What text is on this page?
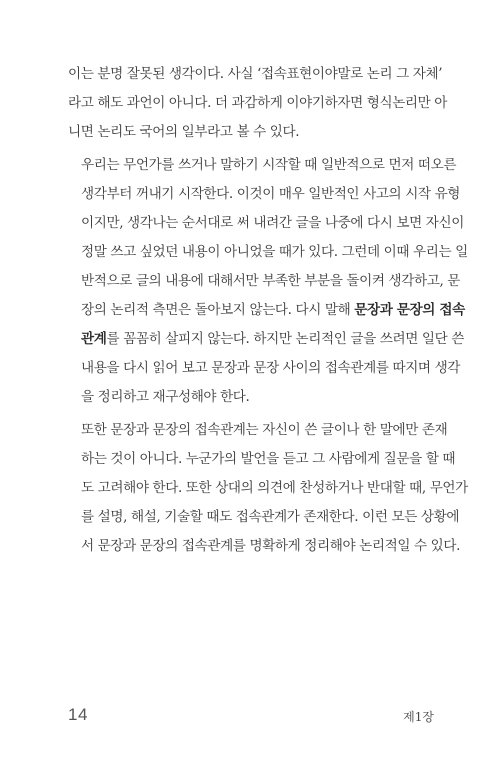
이는 분명 잘못된 생각이다. 사실 ‘접속표현이야말로 논리 그 자체’
라고 해도 과언이 아니다. 더 과감하게 이야기하자면 형식논리만 아
니면 논리도 국어의 일부라고 볼 수 있다.
우리는 무언가를 쓰거나 말하기 시작할 때 일반적으로 먼저 떠오른
생각부터 꺼내기 시작한다. 이것이 매우 일반적인 사고의 시작 유형
이지만, 생각나는 순서대로 써 내려간 글을 나중에 다시 보면 자신이
정말 쓰고 싶었던 내용이 아니었을 때가 있다. 그런데 이때 우리는 일
반적으로 글의 내용에 대해서만 부족한 부분을 돌이켜 생각하고, 문
장의 논리적 측면은 돌아보지 않는다. 다시 말해 문장과 문장의 접속
관계를 꼼꼼히 살피지 않는다. 하지만 논리적인 글을 쓰려면 일단 쓴
내용을 다시 읽어 보고 문장과 문장 사이의 접속관계를 따지며 생각
을 정리하고 재구성해야 한다.
또한 문장과 문장의 접속관계는 자신이 쓴 글이나 한 말에만 존재
하는 것이 아니다. 누군가의 발언을 듣고 그 사람에게 질문을 할 때
도 고려해야 한다. 또한 상대의 의견에 찬성하거나 반대할 때, 무언가
를 설명, 해설, 기술할 때도 접속관계가 존재한다. 이런 모든 상황에
서 문장과 문장의 접속관계를 명확하게 정리해야 논리적일 수 있다.
14	제1장
